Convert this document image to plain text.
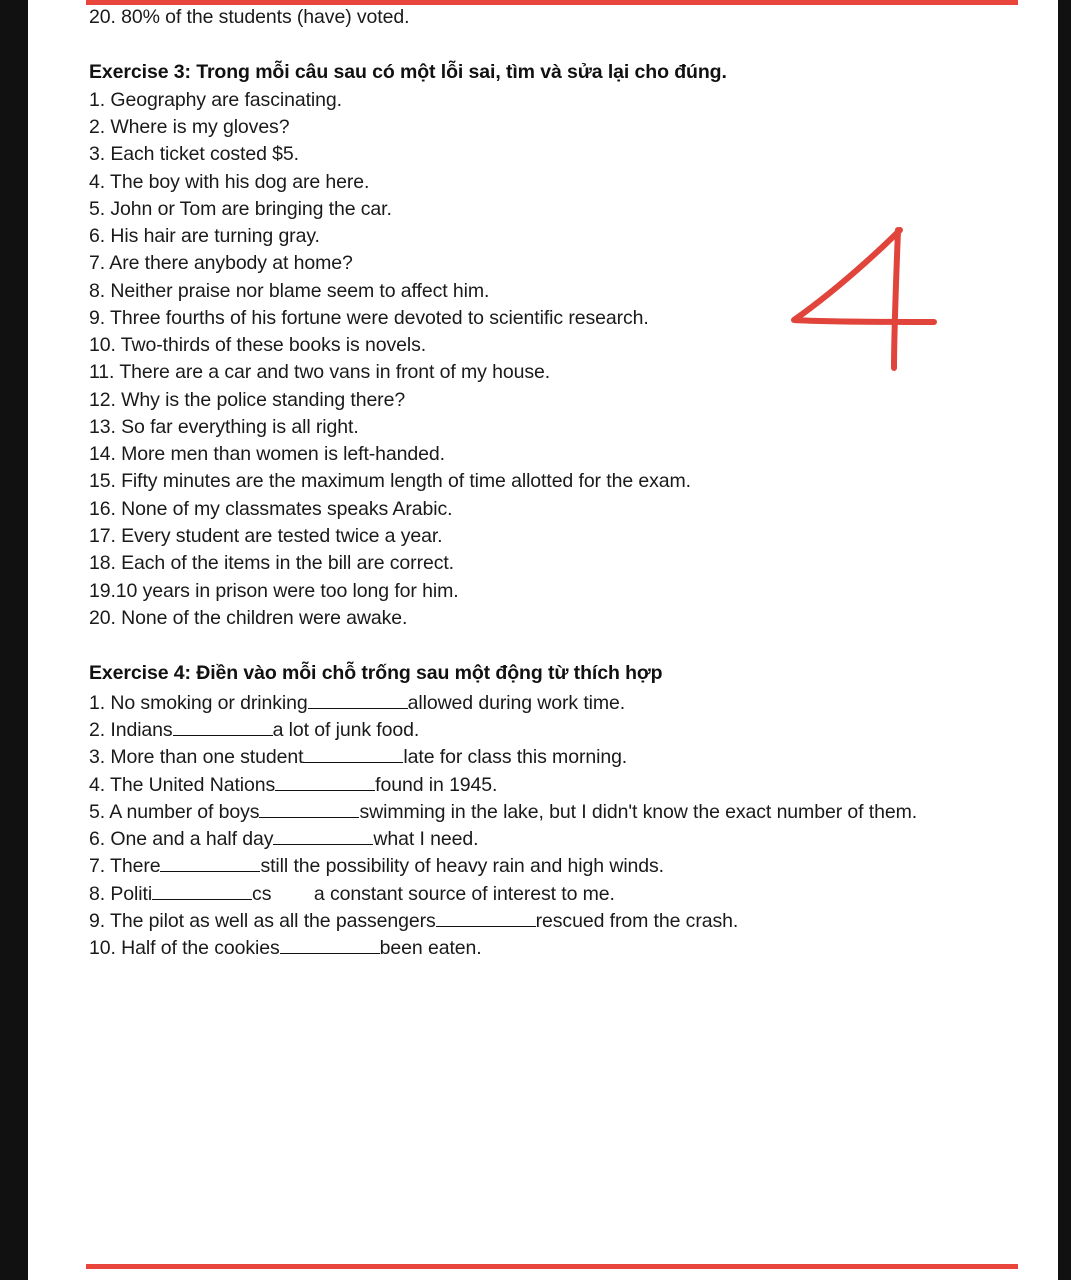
20. 80% of the students (have) voted.
Exercise 3: Trong mỗi câu sau có một lỗi sai, tìm và sửa lại cho đúng.
1. Geography are fascinating.
2. Where is my gloves?
3. Each ticket costed $5.
4. The boy with his dog are here.
5. John or Tom are bringing the car.
6. His hair are turning gray.
7. Are there anybody at home?
8. Neither praise nor blame seem to affect him.
9. Three fourths of his fortune were devoted to scientific research.
10. Two-thirds of these books is novels.
11. There are a car and two vans in front of my house.
12. Why is the police standing there?
13. So far everything is all right.
14. More men than women is left-handed.
15. Fifty minutes are the maximum length of time allotted for the exam.
16. None of my classmates speaks Arabic.
17. Every student are tested twice a year.
18. Each of the items in the bill are correct.
19.10 years in prison were too long for him.
20. None of the children were awake.
Exercise 4: Điền vào mỗi chỗ trống sau một động từ thích hợp
1. No smoking or drinking	allowed during work time.
2. Indians	a lot of junk food.
3. More than one student	late for class this morning.
4. The United Nations	found in 1945.
5. A number of boys	swimming in the lake, but I didn't know the exact number of them.
6. One and a half day	what I need.
7. There	still the possibility of heavy rain and high winds.
8. Politi	cs        a constant source of interest to me.
9. The pilot as well as all the passengers	rescued from the crash.
10. Half of the cookies	been eaten.
